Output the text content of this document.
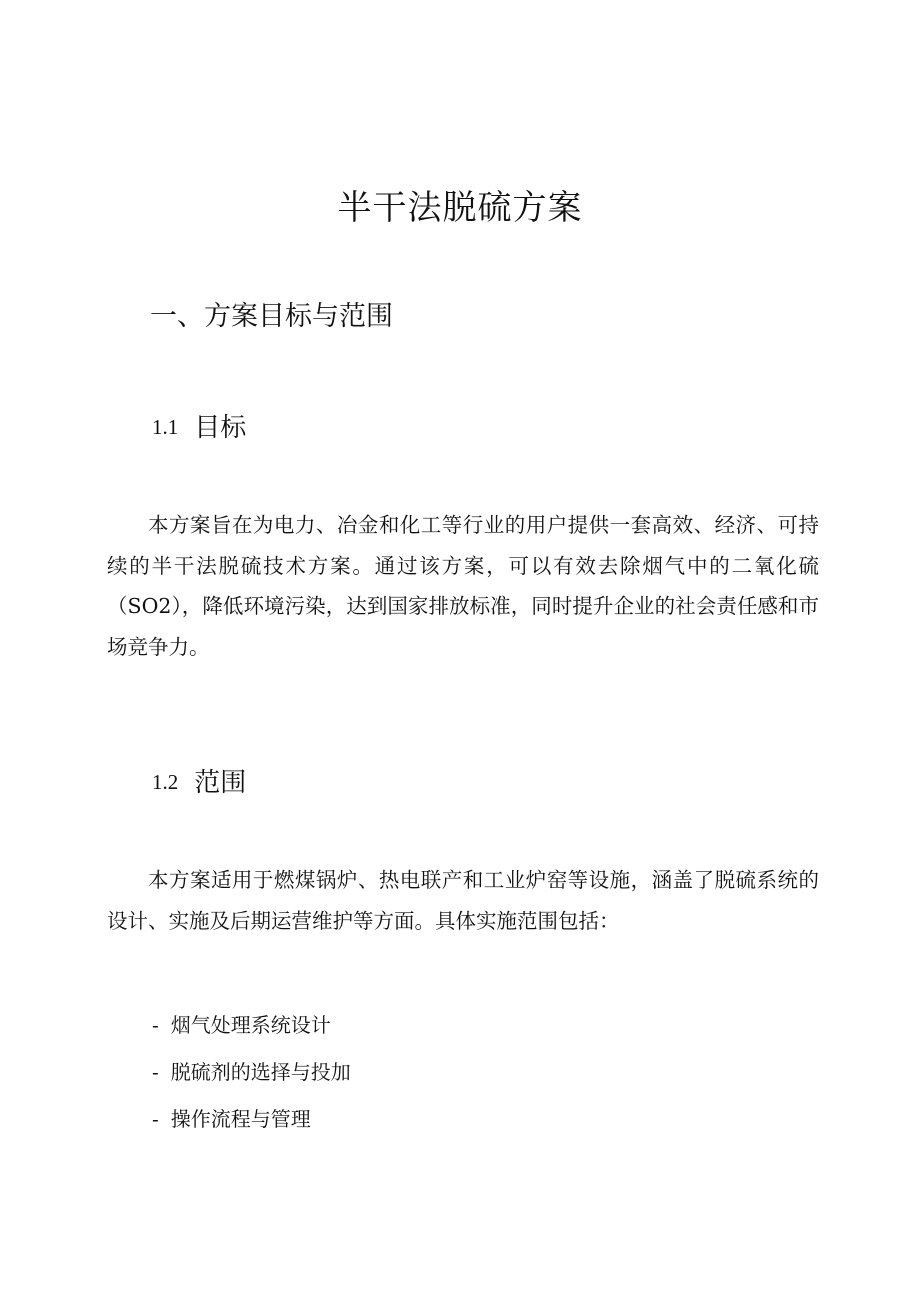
半干法脱硫方案
一、方案目标与范围
1.1 目标

本方案旨在为电力、冶金和化工等行业的用户提供一套高效、经济、可持续的半干法脱硫技术方案。通过该方案，可以有效去除烟气中的二氧化硫（SO2），降低环境污染，达到国家排放标准，同时提升企业的社会责任感和市场竞争力。

1.2 范围

本方案适用于燃煤锅炉、热电联产和工业炉窑等设施，涵盖了脱硫系统的设计、实施及后期运营维护等方面。具体实施范围包括：

- 烟气处理系统设计
- 脱硫剂的选择与投加
- 操作流程与管理
